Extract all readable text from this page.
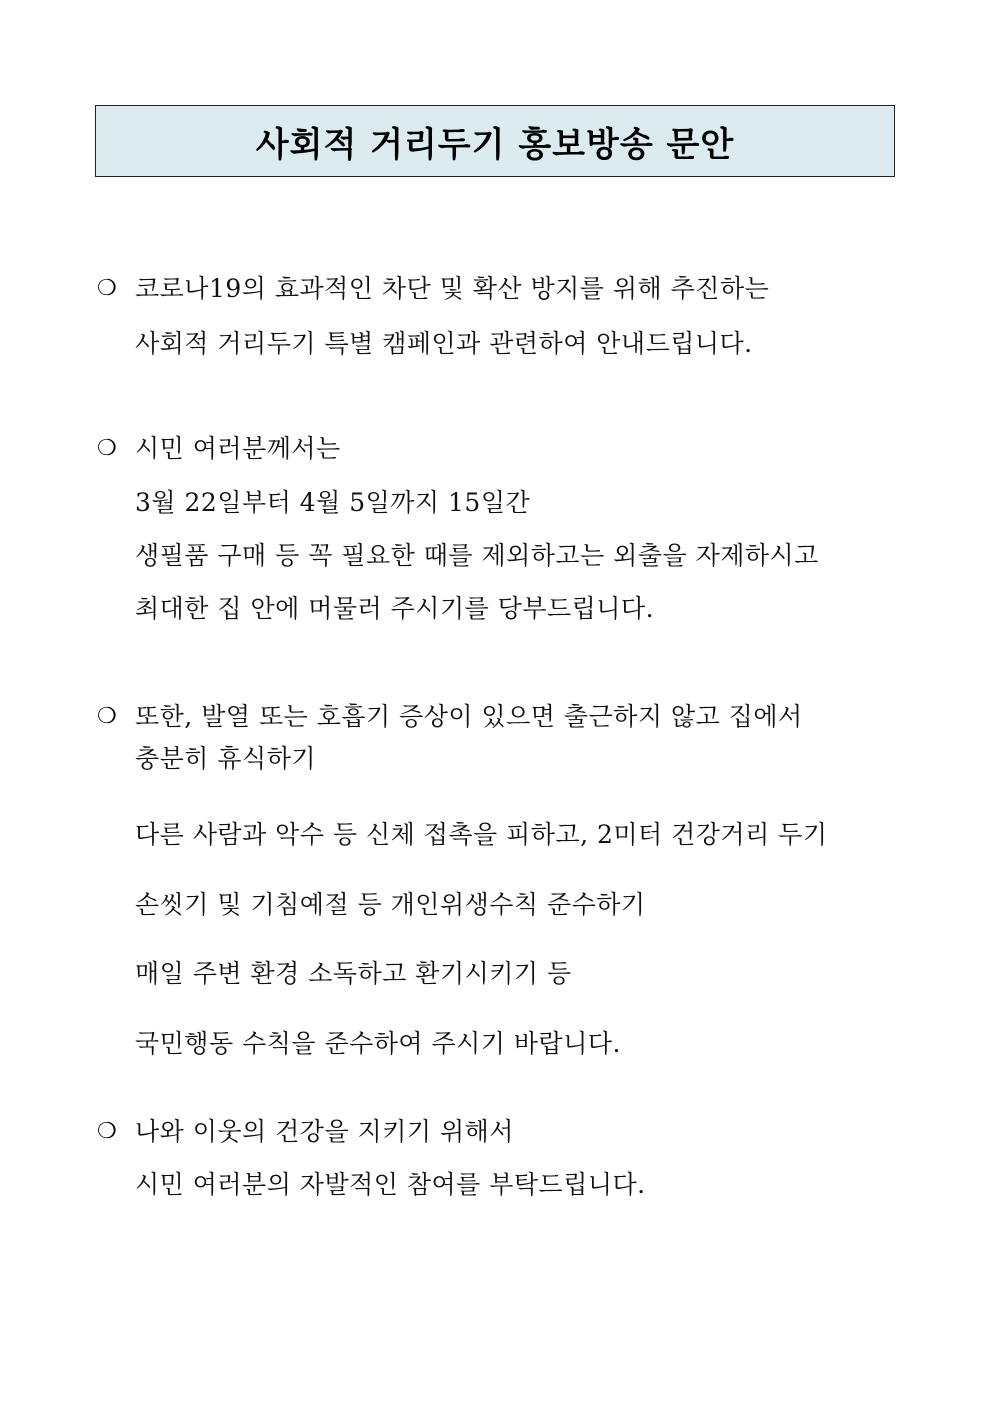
사회적 거리두기 홍보방송 문안
❍ 코로나19의 효과적인 차단 및 확산 방지를 위해 추진하는
사회적 거리두기 특별 캠페인과 관련하여 안내드립니다.
❍ 시민 여러분께서는
3월 22일부터 4월 5일까지 15일간
생필품 구매 등 꼭 필요한 때를 제외하고는 외출을 자제하시고
최대한 집 안에 머물러 주시기를 당부드립니다.
❍ 또한, 발열 또는 호흡기 증상이 있으면 출근하지 않고 집에서
충분히 휴식하기
다른 사람과 악수 등 신체 접촉을 피하고, 2미터 건강거리 두기
손씻기 및 기침예절 등 개인위생수칙 준수하기
매일 주변 환경 소독하고 환기시키기 등
국민행동 수칙을 준수하여 주시기 바랍니다.
❍ 나와 이웃의 건강을 지키기 위해서
시민 여러분의 자발적인 참여를 부탁드립니다.
